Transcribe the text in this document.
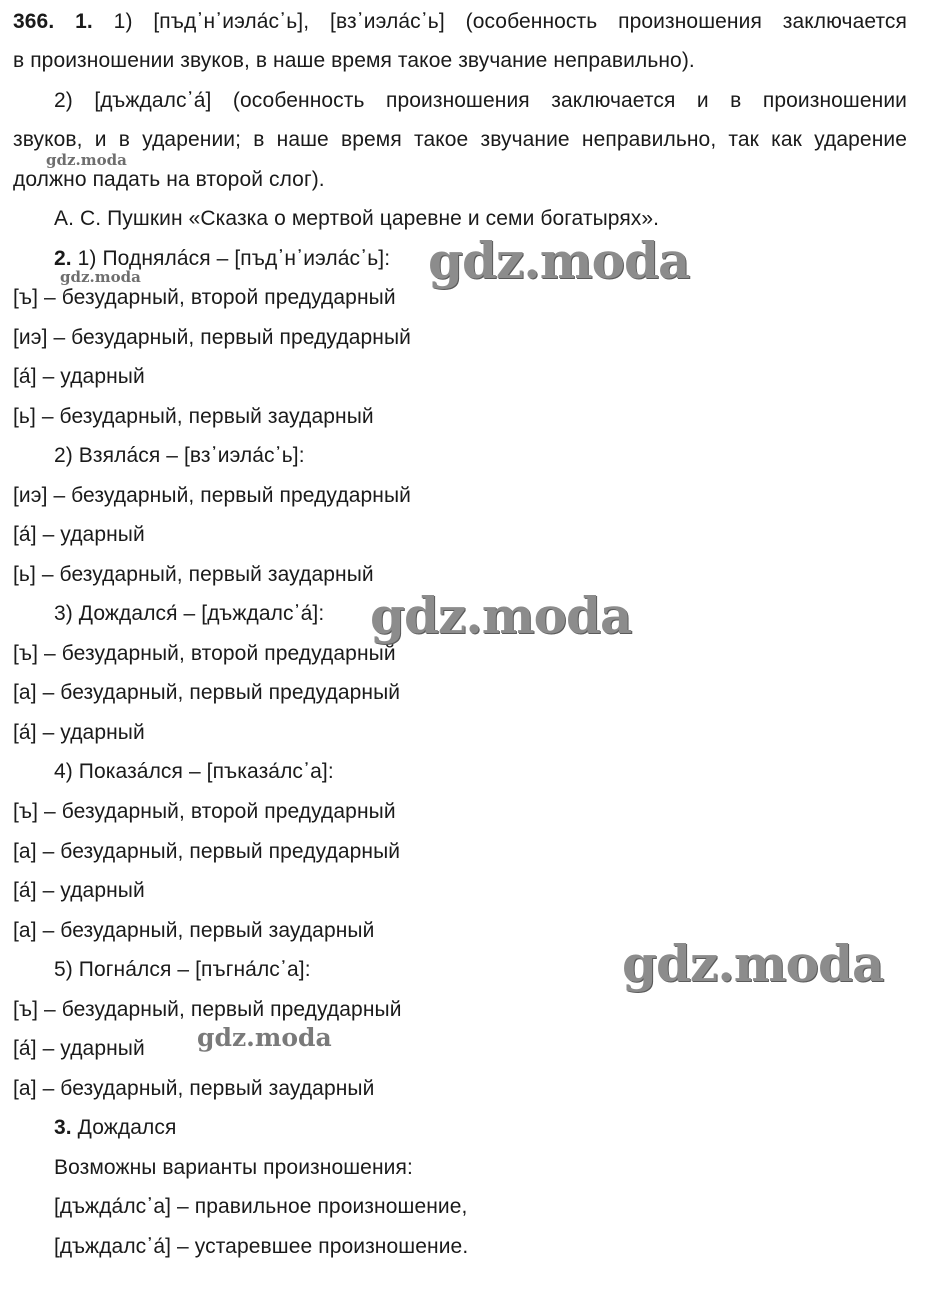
366. 1. 1) [пъд᾽н᾽иэла́с᾽ь], [вз᾽иэла́с᾽ь] (особенность произношения заключается
в произношении звуков, в наше время такое звучание неправильно).
2) [дъждалс᾽а́] (особенность произношения заключается и в произношении
звуков, и в ударении; в наше время такое звучание неправильно, так как ударение
должно падать на второй слог).
А. С. Пушкин «Сказка о мертвой царевне и семи богатырях».
2. 1) Поднялáся – [пъд᾽н᾽иэла́с᾽ь]:
[ъ] – безударный, второй предударный
[иэ] – безударный, первый предударный
[а́] – ударный
[ь] – безударный, первый заударный
2) Взялáся – [вз᾽иэла́с᾽ь]:
[иэ] – безударный, первый предударный
[а́] – ударный
[ь] – безударный, первый заударный
3) Дождался́ – [дъждалс᾽а́]:
[ъ] – безударный, второй предударный
[а] – безударный, первый предударный
[а́] – ударный
4) Показáлся – [пъказа́лс᾽а]:
[ъ] – безударный, второй предударный
[а] – безударный, первый предударный
[а́] – ударный
[а] – безударный, первый заударный
5) Погнáлся – [пъгна́лс᾽а]:
[ъ] – безударный, первый предударный
[а́] – ударный
[а] – безударный, первый заударный
3. Дождался
Возможны варианты произношения:
[дъжда́лс᾽а] – правильное произношение,
[дъждалс᾽а́] – устаревшее произношение.
gdz.moda
gdz.moda
gdz.moda
gdz.moda
gdz.moda
gdz.moda
